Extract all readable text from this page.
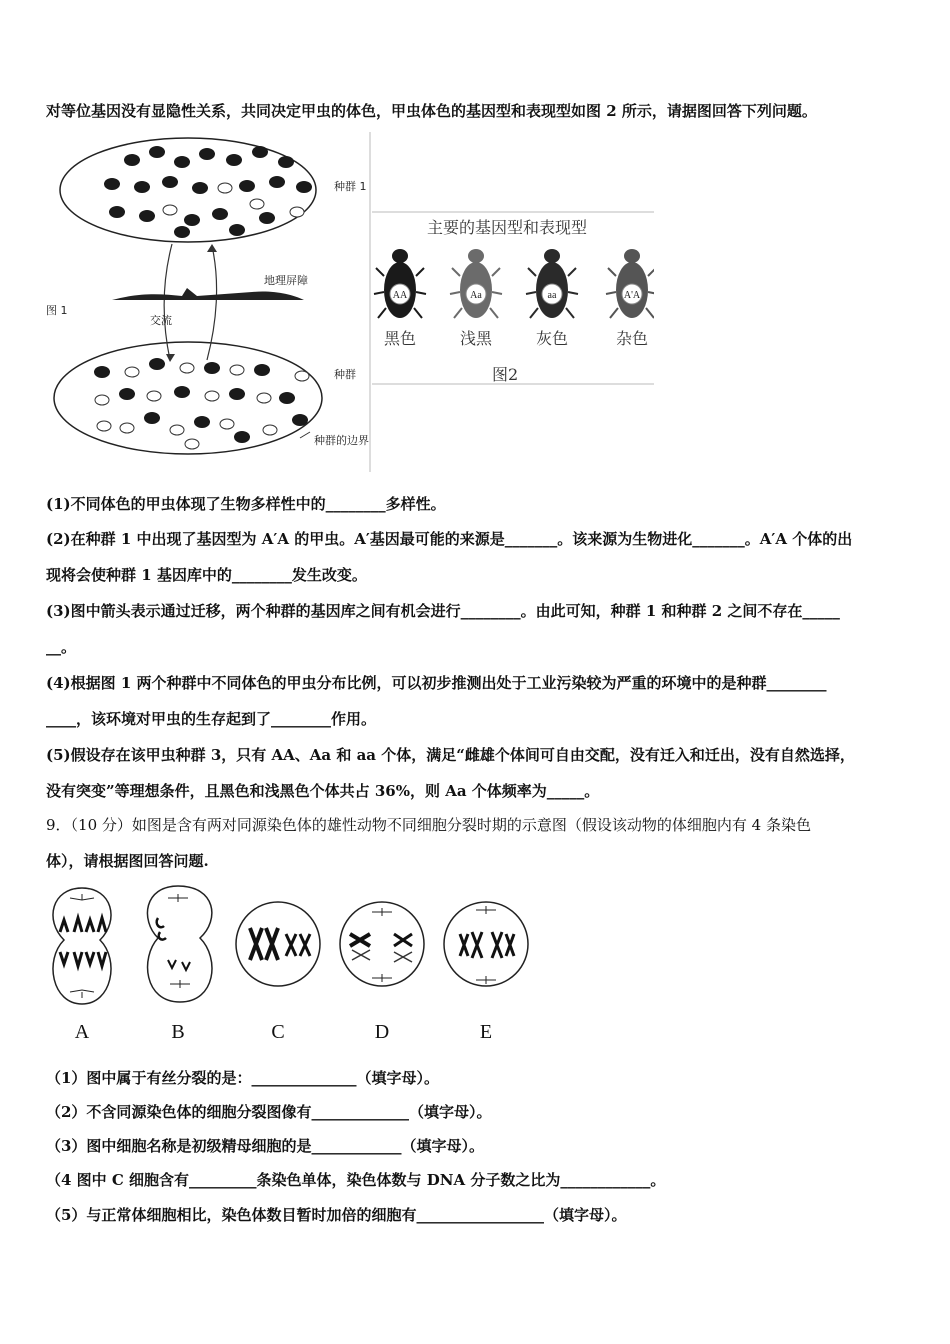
对等位基因没有显隐性关系，共同决定甲虫的体色，甲虫体色的基因型和表现型如图 2 所示，请据图回答下列问题。
种群 1
地理屏障
图 1
交流
种群
种群的边界
主要的基因型和表现型
AA
黑色
Aa
浅黑
aa
灰色
A'A
杂色
图2
(1)不同体色的甲虫体现了生物多样性中的________多样性。
(2)在种群 1 中出现了基因型为 A′A 的甲虫。A′基因最可能的来源是_______。该来源为生物进化_______。A′A 个体的出
现将会使种群 1 基因库中的________发生改变。
(3)图中箭头表示通过迁移，两个种群的基因库之间有机会进行________。由此可知，种群 1 和种群 2 之间不存在_____
__。
(4)根据图 1 两个种群中不同体色的甲虫分布比例，可以初步推测出处于工业污染较为严重的环境中的是种群________
____，该环境对甲虫的生存起到了________作用。
(5)假设存在该甲虫种群 3，只有 AA、Aa 和 aa 个体，满足“雌雄个体间可自由交配，没有迁入和迁出，没有自然选择，
没有突变”等理想条件，且黑色和浅黑色个体共占 36%，则 Aa 个体频率为_____。
9．（10 分）如图是含有两对同源染色体的雄性动物不同细胞分裂时期的示意图（假设该动物的体细胞内有 4 条染色
体），请根据图回答问题.
A	B	C	D	E
（1）图中属于有丝分裂的是：______________（填字母）。
（2）不含同源染色体的细胞分裂图像有_____________（填字母）。
（3）图中细胞名称是初级精母细胞的是____________（填字母）。
（4 图中 C 细胞含有_________条染色单体，染色体数与 DNA 分子数之比为____________。
（5）与正常体细胞相比，染色体数目暂时加倍的细胞有_________________（填字母）。
